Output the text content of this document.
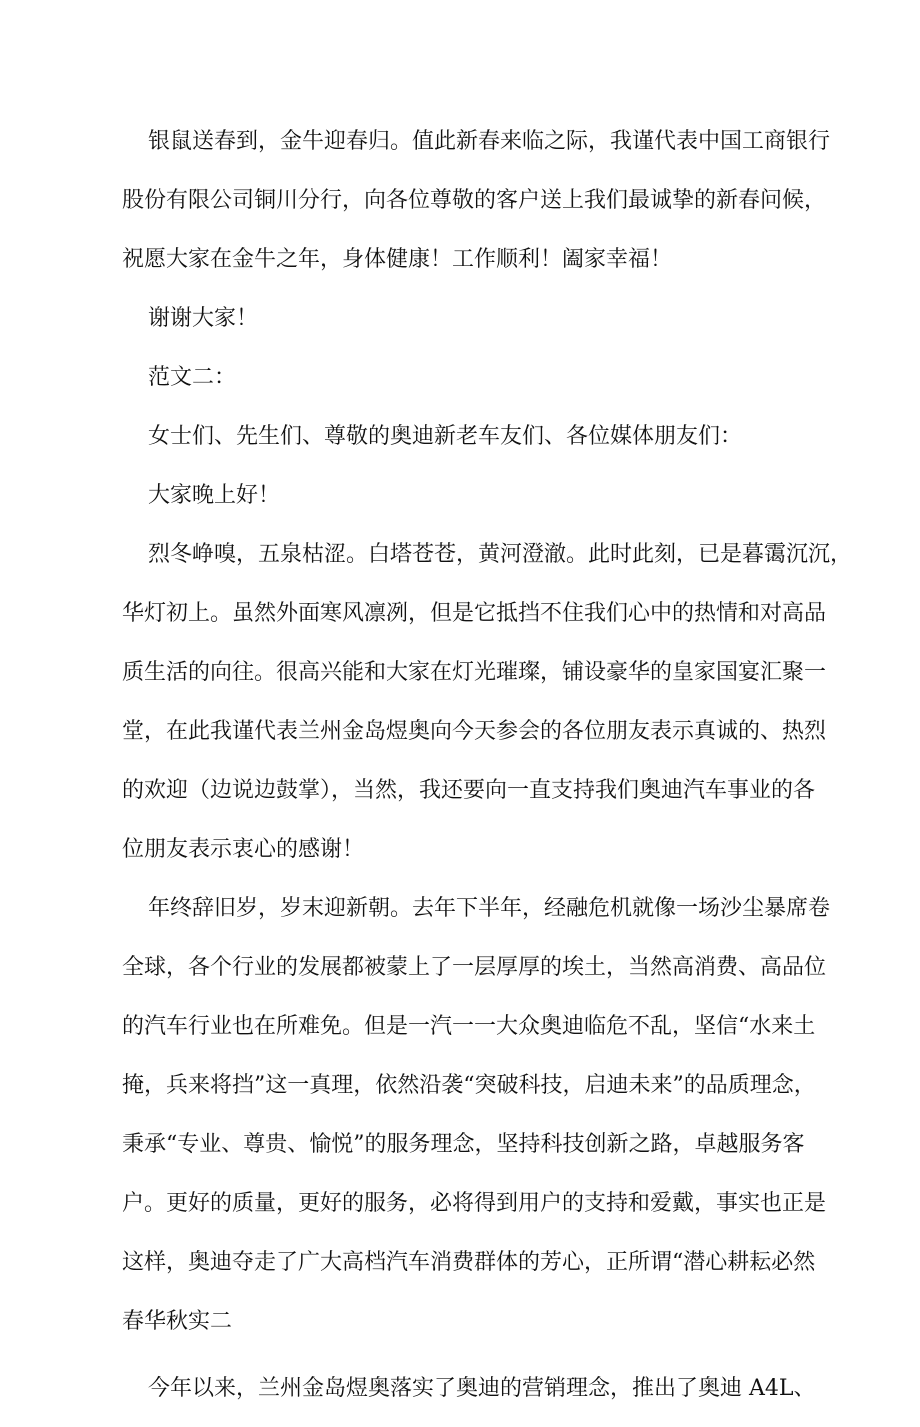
银鼠送春到，金牛迎春归。值此新春来临之际，我谨代表中国工商银行
股份有限公司铜川分行，向各位尊敬的客户送上我们最诚挚的新春问候，
祝愿大家在金牛之年，身体健康！工作顺利！阖家幸福！
谢谢大家！
范文二：
女士们、先生们、尊敬的奥迪新老车友们、各位媒体朋友们：
大家晚上好！
烈冬峥嗅，五泉枯涩。白塔苍苍，黄河澄澈。此时此刻，已是暮霭沉沉，
华灯初上。虽然外面寒风凛冽，但是它抵挡不住我们心中的热情和对高品
质生活的向往。很高兴能和大家在灯光璀璨，铺设豪华的皇家国宴汇聚一
堂，在此我谨代表兰州金岛煜奥向今天参会的各位朋友表示真诚的、热烈
的欢迎（边说边鼓掌），当然，我还要向一直支持我们奥迪汽车事业的各
位朋友表示衷心的感谢！
年终辞旧岁，岁末迎新朝。去年下半年，经融危机就像一场沙尘暴席卷
全球，各个行业的发展都被蒙上了一层厚厚的埃土，当然高消费、高品位
的汽车行业也在所难免。但是一汽一一大众奥迪临危不乱，坚信“水来土
掩，兵来将挡”这一真理，依然沿袭“突破科技，启迪未来”的品质理念，
秉承“专业、尊贵、愉悦”的服务理念，坚持科技创新之路，卓越服务客
户。更好的质量，更好的服务，必将得到用户的支持和爱戴，事实也正是
这样，奥迪夺走了广大高档汽车消费群体的芳心，正所谓“潜心耕耘必然
春华秋实二
今年以来，兰州金岛煜奥落实了奥迪的营销理念，推出了奥迪 A4L、
